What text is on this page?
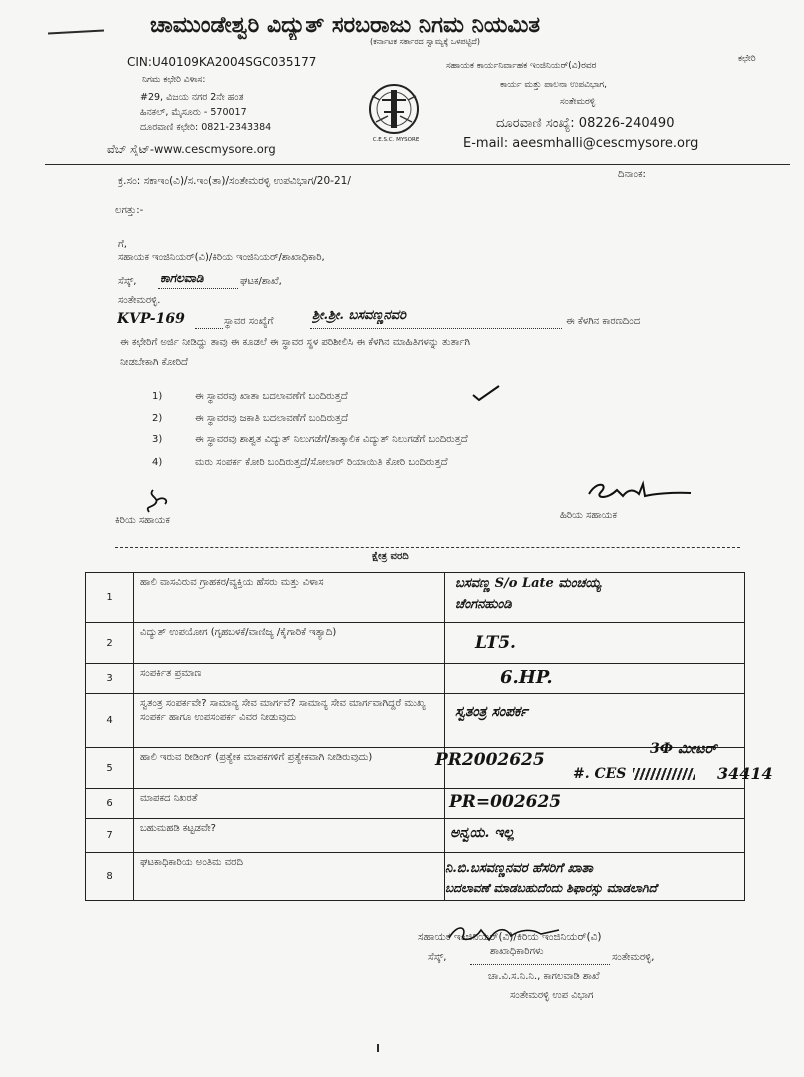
ಚಾಮುಂಡೇಶ್ವರಿ ವಿದ್ಯುತ್ ಸರಬರಾಜು ನಿಗಮ ನಿಯಮಿತ
(ಕರ್ನಾಟಕ ಸರ್ಕಾರದ ಸ್ವಾಮ್ಯಕ್ಕೆ ಒಳಪಟ್ಟಿದೆ)
CIN:U40109KA2004SGC035177
ನಿಗಮ ಕಛೇರಿ ವಿಳಾಸ:
#29, ವಿಜಯ ನಗರ 2ನೇ ಹಂತ
ಹಿನಕಲ್, ಮೈಸೂರು - 570017
ದೂರವಾಣಿ ಕಛೇರಿ: 0821-2343384
ವೆಬ್ ಸೈಟ್-www.cescmysore.org
C.E.S.C. MYSORE
ಸಹಾಯಕ ಕಾರ್ಯನಿರ್ವಾಹಕ ಇಂಜಿನಿಯರ್(ವಿ)ರವರ
ಕಛೇರಿ
ಕಾರ್ಯ ಮತ್ತು ಪಾಲನಾ ಉಪವಿಭಾಗ,
ಸಂತೇಮರಳ್ಳಿ
ದೂರವಾಣಿ ಸಂಖ್ಯೆ: 08226-240490
E-mail: aeesmhalli@cescmysore.org
ಕ್ರ.ಸಂ: ಸಕಾಇಂ(ವಿ)/ಸ.ಇಂ(ತಾ)/ಸಂತೇಮರಳ್ಳಿ ಉಪವಿಭಾಗ/20-21/
ದಿನಾಂಕ:
ಲಗತ್ತು:-
ಗೆ,
ಸಹಾಯಕ ಇಂಜಿನಿಯರ್(ವಿ)/ಕಿರಿಯ ಇಂಜಿನಿಯರ್/ಶಾಖಾಧಿಕಾರಿ,
ಸೆಸ್ಕ್,	ಕಾಗಲವಾಡಿ	ಘಟಕ/ಶಾಖೆ,
ಸಂತೇಮರಳ್ಳಿ.
KVP-169	ಸ್ಥಾವರ ಸಂಖ್ಯೆಗೆ	ಶ್ರೀ.ಶ್ರೀ. ಬಸವಣ್ಣನವರಿ	ಈ ಕೆಳಗಿನ ಕಾರಣದಿಂದ
ಈ ಕಛೇರಿಗೆ ಅರ್ಜಿ ನೀಡಿದ್ದು ತಾವು ಈ ಕೂಡಲೆ ಈ ಸ್ಥಾವರ ಸ್ಥಳ ಪರಿಶೀಲಿಸಿ ಈ ಕೆಳಗಿನ ಮಾಹಿತಿಗಳನ್ನು ತುರ್ತಾಗಿ
ನೀಡಬೇಕಾಗಿ ಕೋರಿದೆ
1)	ಈ ಸ್ಥಾವರವು ಖಾತಾ ಬದಲಾವಣೆಗೆ ಬಂದಿರುತ್ತದೆ
2)	ಈ ಸ್ಥಾವರವು ಜಕಾತಿ ಬದಲಾವಣೆಗೆ ಬಂದಿರುತ್ತದೆ
3)	ಈ ಸ್ಥಾವರವು ಶಾಶ್ವತ ವಿದ್ಯುತ್ ನಿಲುಗಡೆಗೆ/ತಾತ್ಕಾಲಿಕ ವಿದ್ಯುತ್ ನಿಲುಗಡೆಗೆ ಬಂದಿರುತ್ತದೆ
4)	ಮರು ಸಂಪರ್ಕ ಕೋರಿ ಬಂದಿರುತ್ತದೆ/ಸೋಲಾರ್ ರಿಯಾಯಿತಿ ಕೋರಿ ಬಂದಿರುತ್ತದೆ
ಕಿರಿಯ ಸಹಾಯಕ	ಹಿರಿಯ ಸಹಾಯಕ
ಕ್ಷೇತ್ರ ವರದಿ
1
ಹಾಲಿ ವಾಸವಿರುವ ಗ್ರಾಹಕರ/ವ್ಯಕ್ತಿಯ ಹೆಸರು ಮತ್ತು ವಿಳಾಸ	ಬಸವಣ್ಣ S/o Late ಮಂಚಯ್ಯ
ಚೆಂಗನಹುಂಡಿ
2
ವಿದ್ಯುತ್ ಉಪಯೋಗ (ಗೃಹಬಳಕೆ/ವಾಣಿಜ್ಯ /ಕೈಗಾರಿಕೆ ಇತ್ಯಾದಿ)
LT5.
3	ಸಂಪರ್ಕಿತ ಪ್ರಮಾಣ	6.HP.
4
ಸ್ವತಂತ್ರ ಸಂಪರ್ಕವೇ? ಸಾಮಾನ್ಯ ಸೇವ ಮಾರ್ಗವೆ? ಸಾಮಾನ್ಯ ಸೇವ ಮಾರ್ಗವಾಗಿದ್ದರೆ ಮುಖ್ಯ ಸಂಪರ್ಕ ಹಾಗೂ ಉಪಸಂಪರ್ಕ ವಿವರ ನೀಡುವುದು	ಸ್ವತಂತ್ರ ಸಂಪರ್ಕ
5
ಹಾಲಿ ಇರುವ ರೀಡಿಂಗ್ (ಪ್ರತ್ಯೇಕ ಮಾಪಕಗಳಿಗೆ ಪ್ರತ್ಯೇಕವಾಗಿ ನೀಡಿರುವುದು)	PR2002625
3Ф ಮೀಟರ್
#. CES	34414
6	ಮಾಪಕದ ನಿಖರತೆ	PR=002625
7
ಬಹುಮಹಡಿ ಕಟ್ಟಡವೇ?	ಅನ್ವಯ. ಇಲ್ಲ
8
ಘಟಕಾಧಿಕಾರಿಯ ಅಂತಿಮ ವರದಿ	ನಿ.ಬಿ.ಬಸವಣ್ಣನವರ ಹೆಸರಿಗೆ ಖಾತಾ
ಬದಲಾವಣೆ ಮಾಡಬಹುದೆಂದು ಶಿಫಾರಸ್ಸು ಮಾಡಲಾಗಿದೆ
ಸಹಾಯಕ ಇಂಜಿನಿಯರ್(ವಿ)/ಕಿರಿಯ ಇಂಜಿನಿಯರ್(ವಿ)
ಸೆಸ್ಕ್,
ಶಾಖಾಧಿಕಾರಿಗಳು
ಸಂತೇಮರಳ್ಳಿ,
ಚಾ.ವಿ.ಸ.ನಿ.ನಿ., ಕಾಗಲವಾಡಿ ಶಾಖೆ
ಸಂತೇಮರಳ್ಳಿ ಉಪ ವಿಭಾಗ
